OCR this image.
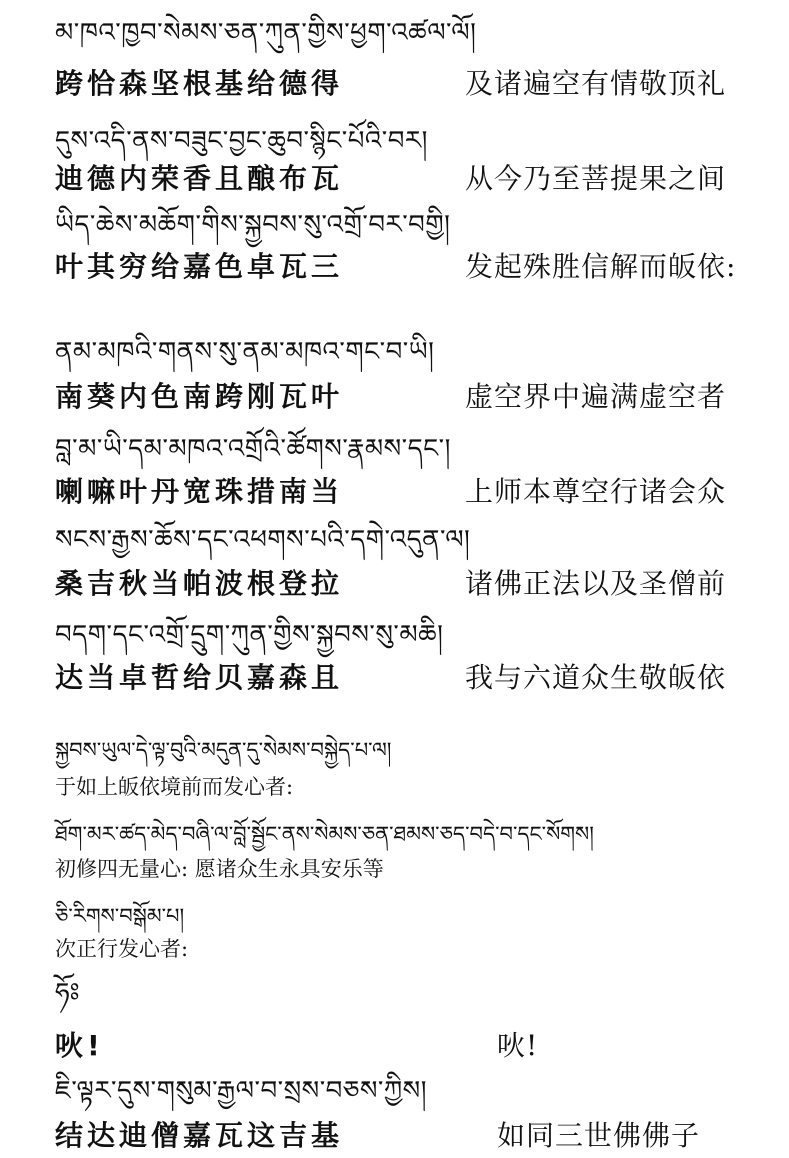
མ་ཁའ་ཁྱབ་སེམས་ཅན་ཀུན་གྱིས་ཕྱག་འཚལ་ལོ།
跨恰森坚根基给德得	及诸遍空有情敬顶礼
དུས་འདི་ནས་བཟུང་བྱང་ཆུབ་སྙིང་པོའི་བར།
迪德内荣香且酿布瓦	从今乃至菩提果之间
ཡིད་ཆེས་མཆོག་གིས་སྐྱབས་སུ་འགྲོ་བར་བགྱི།
叶其穷给嘉色卓瓦三	发起殊胜信解而皈依:
ནམ་མཁའི་གནས་སུ་ནམ་མཁའ་གང་བ་ཡི།
南葵内色南跨刚瓦叶	虚空界中遍满虚空者
བླ་མ་ཡི་དམ་མཁའ་འགྲོའི་ཚོགས་རྣམས་དང་།
喇嘛叶丹宽珠措南当	上师本尊空行诸会众
སངས་རྒྱས་ཆོས་དང་འཕགས་པའི་དགེ་འདུན་ལ།
桑吉秋当帕波根登拉	诸佛正法以及圣僧前
བདག་དང་འགྲོ་དྲུག་ཀུན་གྱིས་སྐྱབས་སུ་མཆི།
达当卓哲给贝嘉森且	我与六道众生敬皈依
སྐྱབས་ཡུལ་དེ་ལྟ་བུའི་མདུན་དུ་སེམས་བསྐྱེད་པ་ལ།
于如上皈依境前而发心者:
ཐོག་མར་ཚད་མེད་བཞི་ལ་བློ་སྦྱོང་ནས་སེམས་ཅན་ཐམས་ཅད་བདེ་བ་དང་སོགས།
初修四无量心: 愿诸众生永具安乐等
ཅི་རིགས་བསྒོམ་པ།
次正行发心者:
ཧོཿ
吙!	吙!
ཇི་ལྟར་དུས་གསུམ་རྒྱལ་བ་སྲས་བཅས་ཀྱིས།
结达迪僧嘉瓦这吉基	如同三世佛佛子
